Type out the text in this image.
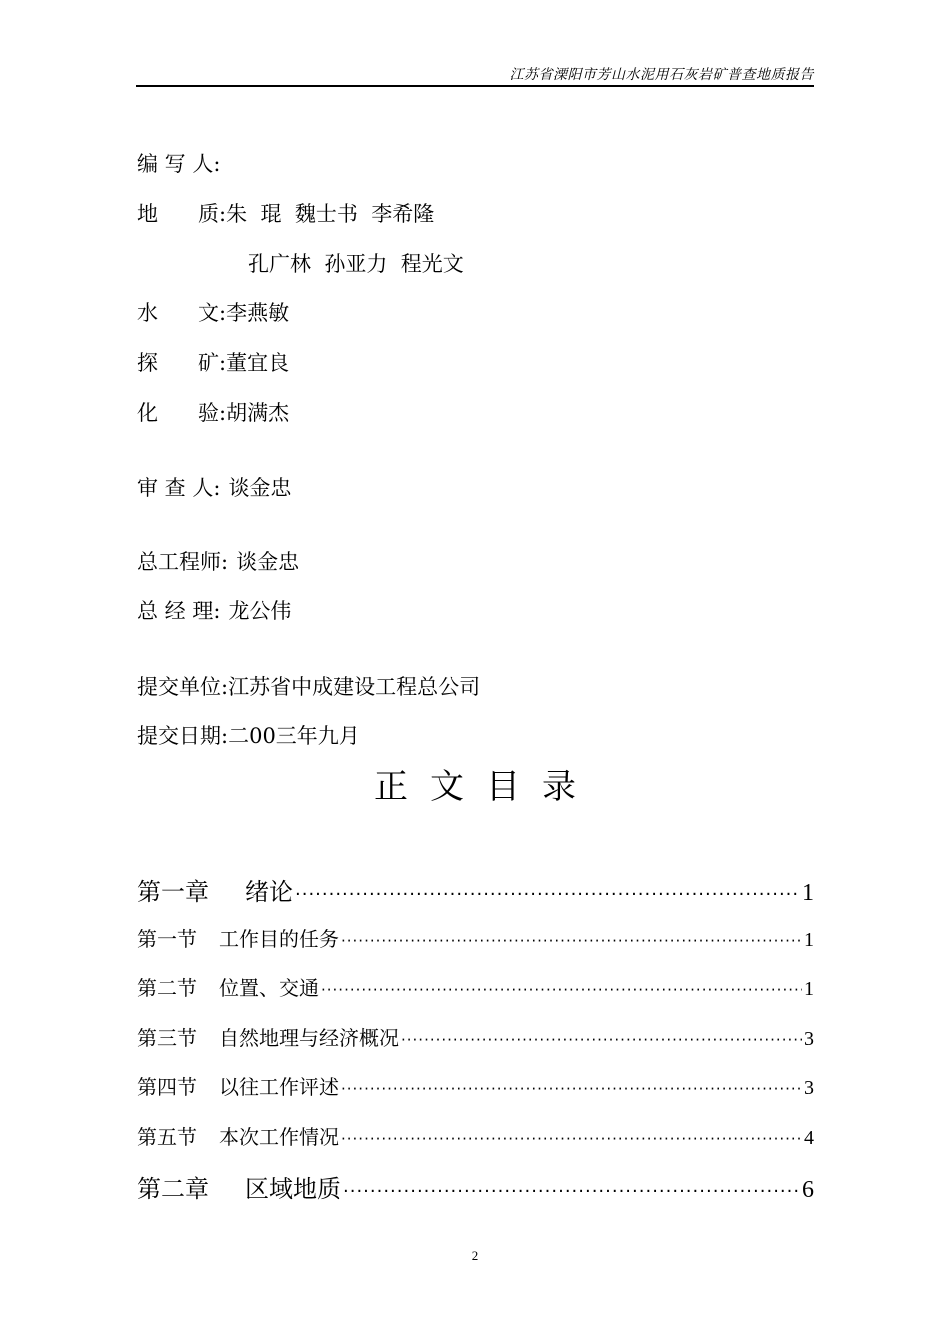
江苏省溧阳市芳山水泥用石灰岩矿普查地质报告
编 写 人:
地      质:朱  琨  魏士书  李希隆
孔广林  孙亚力  程光文
水      文:李燕敏
探      矿:董宜良
化      验:胡满杰
审 查 人: 谈金忠
总工程师: 谈金忠
总 经 理: 龙公伟
提交单位:江苏省中成建设工程总公司
提交日期:二00三年九月
正文目录
第一章	绪论 ·····	1
第一节	工作目的任务 ·····	1
第二节	位置、交通 ·····	1
第三节	自然地理与经济概况 ·····	3
第四节	以往工作评述 ·····	3
第五节	本次工作情况 ·····	4
第二章	区域地质 ·····	6
2
